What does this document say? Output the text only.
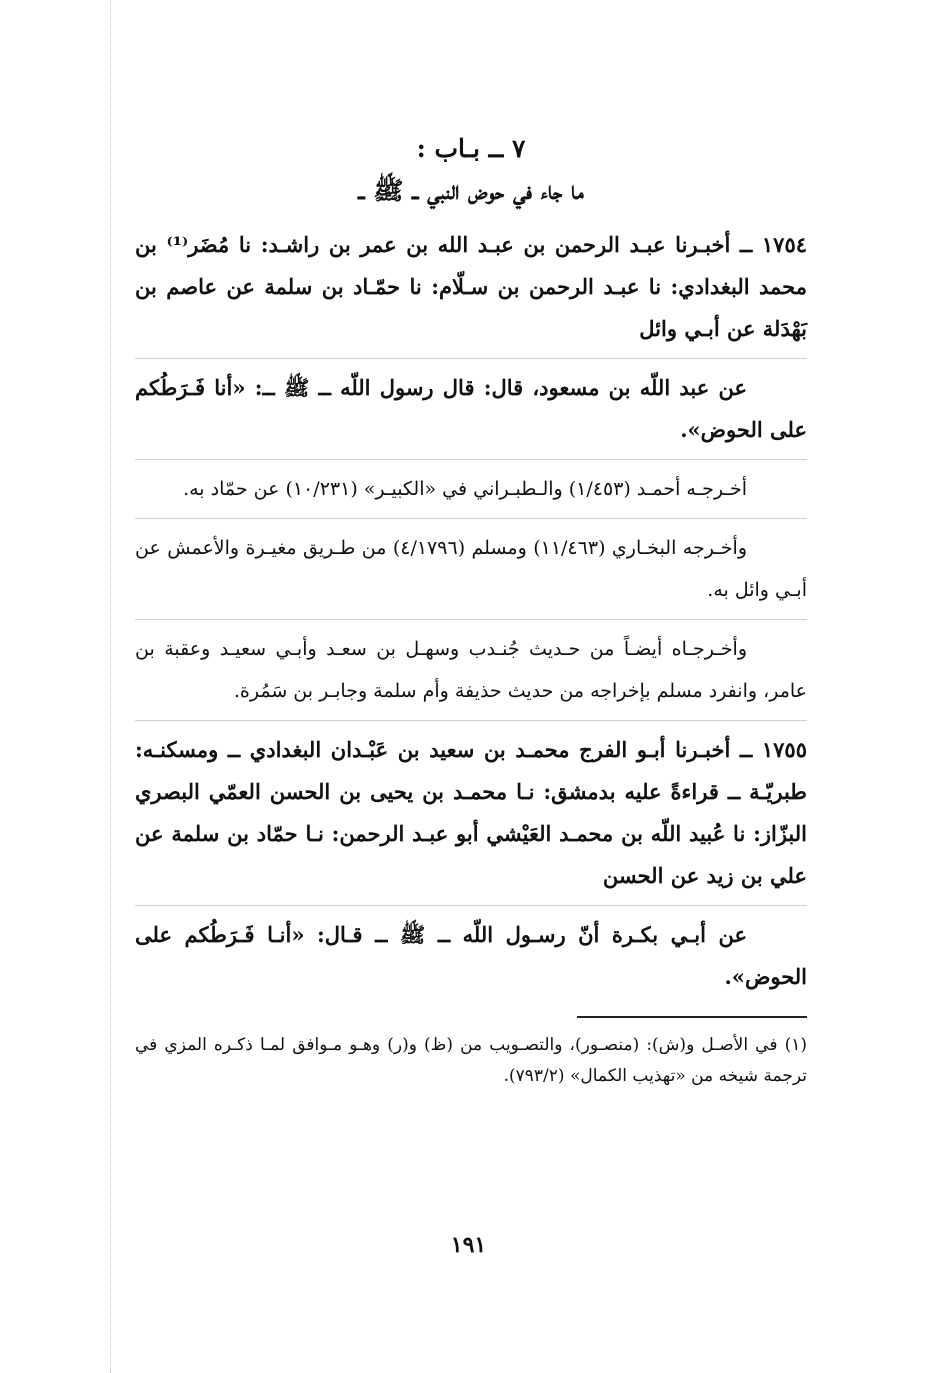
٧ ــ بـاب :
ما جاء في حوض النبي ــ ﷺ ــ

١٧٥٤ ــ أخبـرنا عبـد الرحمن بن عبـد الله بن عمر بن راشـد: نا مُضَر⁽¹⁾ بن محمد البغدادي: نا عبـد الرحمن بن سـلّام: نا حمّـاد بن سلمة عن عاصم بن بَهْدَلة عن أبـي وائل

عن عبد اللّه بن مسعود، قال: قال رسول اللّه ــ ﷺ ــ: «أنا فَـرَطُكم على الحوض».

أخـرجـه أحمـد (١/٤٥٣) والـطبـراني في «الكبيـر» (١٠/٢٣١) عن حمّاد به.

وأخـرجه البخـاري (١١/٤٦٣) ومسلم (٤/١٧٩٦) من طـريق مغيـرة والأعمش عن أبـي وائل به.

وأخـرجـاه أيضـاً من حـديث جُنـدب وسهـل بن سعـد وأبـي سعيـد وعقبة بن عامر، وانفرد مسلم بإخراجه من حديث حذيفة وأم سلمة وجابـر بن سَمُرة.

١٧٥٥ ــ أخبـرنا أبـو الفرج محمـد بن سعيد بن عَبْـدان البغدادي ــ ومسكنـه: طبريّـة ــ قراءةً عليه بدمشق: نـا محمـد بن يحيى بن الحسن العمّي البصري البزّاز: نا عُبيد اللّه بن محمـد العَيْشي أبو عبـد الرحمن: نـا حمّاد بن سلمة عن علي بن زيد عن الحسن

عن أبـي بكـرة أنّ رسـول اللّه ــ ﷺ ــ قـال: «أنـا فَـرَطُكم على الحوض».

(١) في الأصـل و(ش): (منصـور)، والتصـويب من (ظ) و(ر) وهـو مـوافق لمـا ذكـره المزي في ترجمة شيخه من «تهذيب الكمال» (٧٩٣/٢).

١٩١
